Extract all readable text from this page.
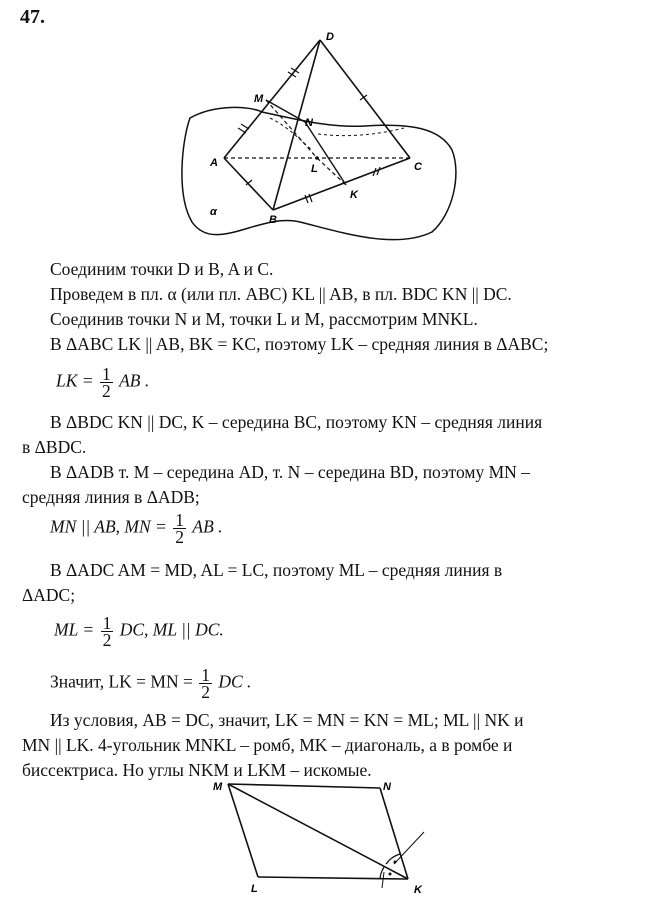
47.
D
M
N
A	L	C
K
B
α
Соединим точки D и B, A и C.
Проведем в пл. α (или пл. ABC) KL || AB, в пл. BDC KN || DC.
Соединив точки N и M, точки L и M, рассмотрим MNKL.
В ΔABC LK || AB, BK = KC, поэтому LK – средняя линия в ΔABC;
LK = $\frac{1}{2}$ AB .
В ΔBDC KN || DC, K – середина BC, поэтому KN – средняя линия
в ΔBDC.
В ΔADB т. M – середина AD, т. N – середина BD, поэтому MN –
средняя линия в ΔADB;
MN || AB, MN = $\frac{1}{2}$ AB .
В ΔADC AM = MD, AL = LC, поэтому ML – средняя линия в
ΔADC;
ML = $\frac{1}{2}$ DC, ML || DC.
Значит, LK = MN = $\frac{1}{2}$ DC .
Из условия, AB = DC, значит, LK = MN = KN = ML; ML || NK и
MN || LK. 4-угольник MNKL – ромб, MK – диагональ, а в ромбе и
биссектриса. Но углы NKM и LKM – искомые.
M	N
L	K
